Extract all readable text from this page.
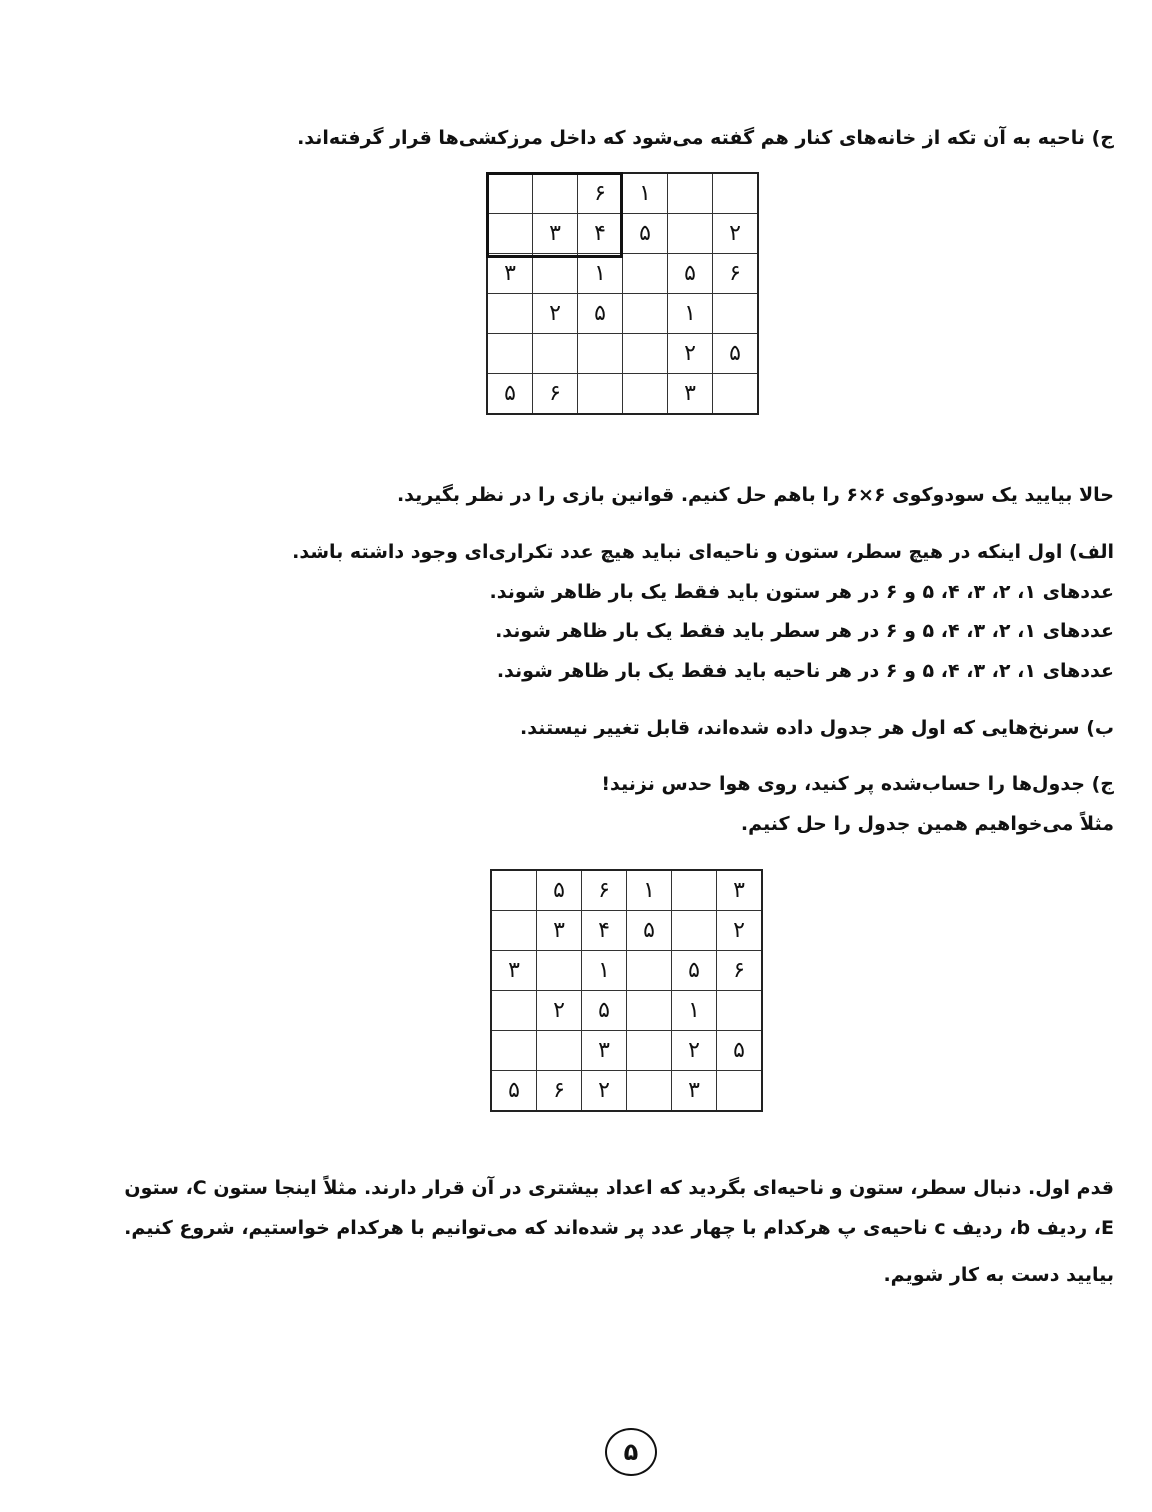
ج) ناحیه به آن تکه از خانه‌های کنار هم گفته می‌شود که داخل مرزکشی‌ها قرار گرفته‌اند.
		۶	۱		
	۳	۴	۵		۲
۳		۱		۵	۶
	۲	۵		۱	
				۲	۵
۵	۶			۳	
حالا بیایید یک سودوکوی ۶×۶ را باهم حل کنیم. قوانین بازی را در نظر بگیرید.
الف) اول اینکه در هیچ سطر، ستون و ناحیه‌ای نباید هیچ عدد تکراری‌ای وجود داشته باشد.
عددهای ۱، ۲، ۳، ۴، ۵ و ۶ در هر ستون باید فقط یک بار ظاهر شوند.
عددهای ۱، ۲، ۳، ۴، ۵ و ۶ در هر سطر باید فقط یک بار ظاهر شوند.
عددهای ۱، ۲، ۳، ۴، ۵ و ۶ در هر ناحیه باید فقط یک بار ظاهر شوند.
ب) سرنخ‌هایی که اول هر جدول داده شده‌اند، قابل تغییر نیستند.
ج) جدول‌ها را حساب‌شده پر کنید، روی هوا حدس نزنید!
مثلاً می‌خواهیم همین جدول را حل کنیم.
	۵	۶	۱		۳
	۳	۴	۵		۲
۳		۱		۵	۶
	۲	۵		۱	
		۳		۲	۵
۵	۶	۲		۳	
قدم اول. دنبال سطر، ستون و ناحیه‌ای بگردید که اعداد بیشتری در آن قرار دارند. مثلاً اینجا ستون C، ستون
E، ردیف b، ردیف c ناحیه‌ی پ هرکدام با چهار عدد پر شده‌اند که می‌توانیم با هرکدام خواستیم، شروع کنیم.
بیایید دست به کار شویم.
۵
